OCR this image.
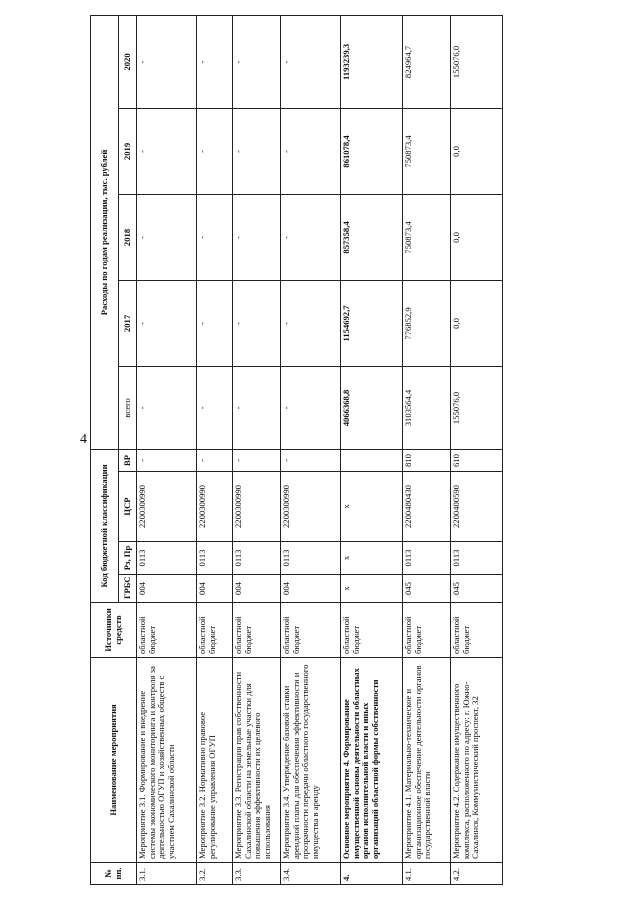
4
№ пп.	Наименование мероприятия	Источники средств	Код бюджетной классификации				Расходы по годам реализации, тыс. рублей				
			ГРБС	Рз, Пр	ЦСР	ВР	всего	2017	2018	2019	2020
3.1.	Мероприятие 3.1. Формирование и внедрение системы экономического мониторинга и контроля за деятельностью ОГУП и хозяйственных обществ с участием Сахалинской области	областной бюджет	004	0113	2200300990	-	-	-	-	-	-
3.2.	Мероприятие 3.2. Нормативно правовое регулирование управления ОГУП	областной бюджет	004	0113	2200300990	-	-	-	-	-	-
3.3.	Мероприятие 3.3. Регистрация прав собственности Сахалинской области на земельные участки для повышения эффективности их целевого использования	областной бюджет	004	0113	2200300990	-	-	-	-	-	-
3.4.	Мероприятие 3.4. Утверждение базовой ставки арендной платы для обеспечения эффективности и прозрачности передачи областного государственного имущества в аренду	областной бюджет	004	0113	2200300990	-	-	-	-	-	-
4.	Основное мероприятие 4. Формирование имущественной основы деятельности областных органов исполнительной власти и иных организаций областной формы собственности	областной бюджет	x	x	x		4066368,8	1154692,7	857358,4	861078,4	1193239,3
4.1.	Мероприятие 4.1. Материально-техническое и организационное обеспечение деятельности органов государственной власти	областной бюджет	045	0113	2200480430	810	3103564,4	776852,9	750873,4	750873,4	824964,7
4.2.	Мероприятие 4.2. Содержание имущественного комплекса, расположенного по адресу: г. Южно-Сахалинск, Коммунистический проспект, 32	областной бюджет	045	0113	2200400590	610	155076,0	0,0	0,0	0,0	155076,0
